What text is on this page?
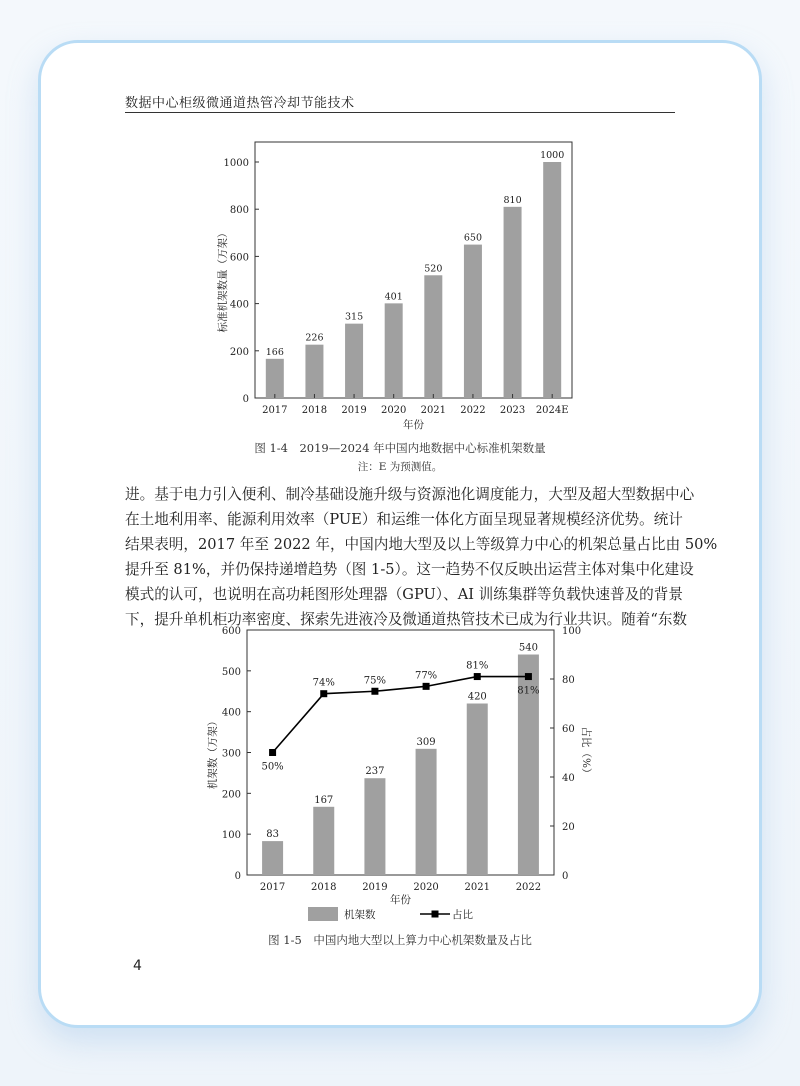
数据中心柜级微通道热管冷却节能技术
0
200
400
600
800
1000
166
2017
226
2018
315
2019
401
2020
520
2021
650
2022
810
2023
1000
2024E
年份
标准机架数量（万架）
图 1-4　2019—2024 年中国内地数据中心标准机架数量
注：E 为预测值。
进。基于电力引入便利、制冷基础设施升级与资源池化调度能力，大型及超大型数据中心
在土地利用率、能源利用效率（PUE）和运维一体化方面呈现显著规模经济优势。统计
结果表明，2017 年至 2022 年，中国内地大型及以上等级算力中心的机架总量占比由 50%
提升至 81%，并仍保持递增趋势（图 1-5）。这一趋势不仅反映出运营主体对集中化建设
模式的认可，也说明在高功耗图形处理器（GPU）、AI 训练集群等负载快速普及的背景
下，提升单机柜功率密度、探索先进液冷及微通道热管技术已成为行业共识。随着“东数
0
100
200
300
400
500
600
0
20
40
60
80
100
83
2017
167
2018
237
2019
309
2020
420
2021
540
2022
50%
74%	75%	77%
81%
81%
年份
机架数（万架）	占比（%）
机架数	占比
图 1-5　中国内地大型以上算力中心机架数量及占比
4
